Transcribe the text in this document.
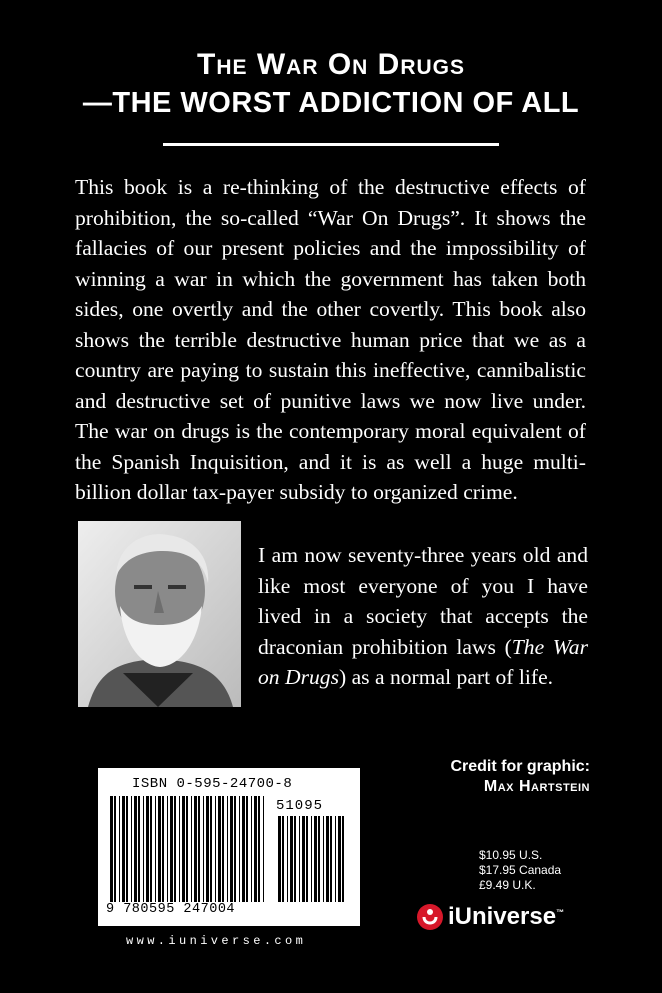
The War On Drugs
—THE WORST ADDICTION OF ALL
This book is a re-thinking of the destructive effects of prohibition, the so-called “War On Drugs”. It shows the fallacies of our present policies and the impossibility of winning a war in which the government has taken both sides, one overtly and the other covertly. This book also shows the terrible destructive human price that we as a country are paying to sustain this ineffective, cannibalistic and destructive set of punitive laws we now live under. The war on drugs is the contemporary moral equivalent of the Spanish Inquisition, and it is as well a huge multi-billion dollar tax-payer subsidy to organized crime.
I am now seventy-three years old and like most everyone of you I have lived in a society that accepts the draconian prohibition laws (The War on Drugs) as a normal part of life.
Credit for graphic:
Max Hartstein
ISBN 0-595-24700-8
51095
9 780595 247004
www.iuniverse.com
$10.95 U.S.
$17.95 Canada
£9.49 U.K.
iUniverse™
